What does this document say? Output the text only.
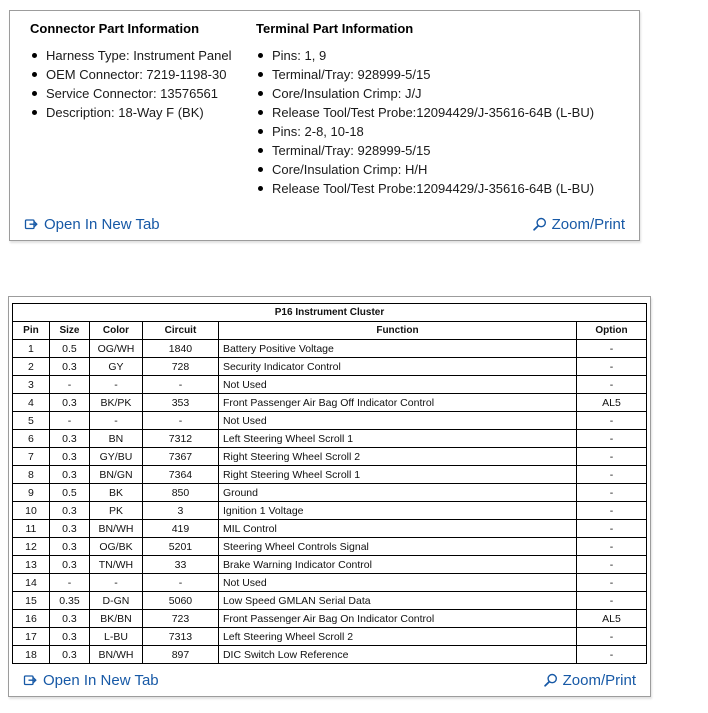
Connector Part Information
Harness Type: Instrument Panel
OEM Connector: 7219-1198-30
Service Connector: 13576561
Description: 18-Way F (BK)
Terminal Part Information
Pins: 1, 9
Terminal/Tray: 928999-5/15
Core/Insulation Crimp: J/J
Release Tool/Test Probe:12094429/J-35616-64B (L-BU)
Pins: 2-8, 10-18
Terminal/Tray: 928999-5/15
Core/Insulation Crimp: H/H
Release Tool/Test Probe:12094429/J-35616-64B (L-BU)
Open In New Tab	Zoom/Print
P16 Instrument Cluster					
Pin	Size	Color	Circuit	Function	Option
1	0.5	OG/WH	1840	Battery Positive Voltage	-
2	0.3	GY	728	Security Indicator Control	-
3	-	-	-	Not Used	-
4	0.3	BK/PK	353	Front Passenger Air Bag Off Indicator Control	AL5
5	-	-	-	Not Used	-
6	0.3	BN	7312	Left Steering Wheel Scroll 1	-
7	0.3	GY/BU	7367	Right Steering Wheel Scroll 2	-
8	0.3	BN/GN	7364	Right Steering Wheel Scroll 1	-
9	0.5	BK	850	Ground	-
10	0.3	PK	3	Ignition 1 Voltage	-
11	0.3	BN/WH	419	MIL Control	-
12	0.3	OG/BK	5201	Steering Wheel Controls Signal	-
13	0.3	TN/WH	33	Brake Warning Indicator Control	-
14	-	-	-	Not Used	-
15	0.35	D-GN	5060	Low Speed GMLAN Serial Data	-
16	0.3	BK/BN	723	Front Passenger Air Bag On Indicator Control	AL5
17	0.3	L-BU	7313	Left Steering Wheel Scroll 2	-
18	0.3	BN/WH	897	DIC Switch Low Reference	-
Open In New Tab	Zoom/Print
